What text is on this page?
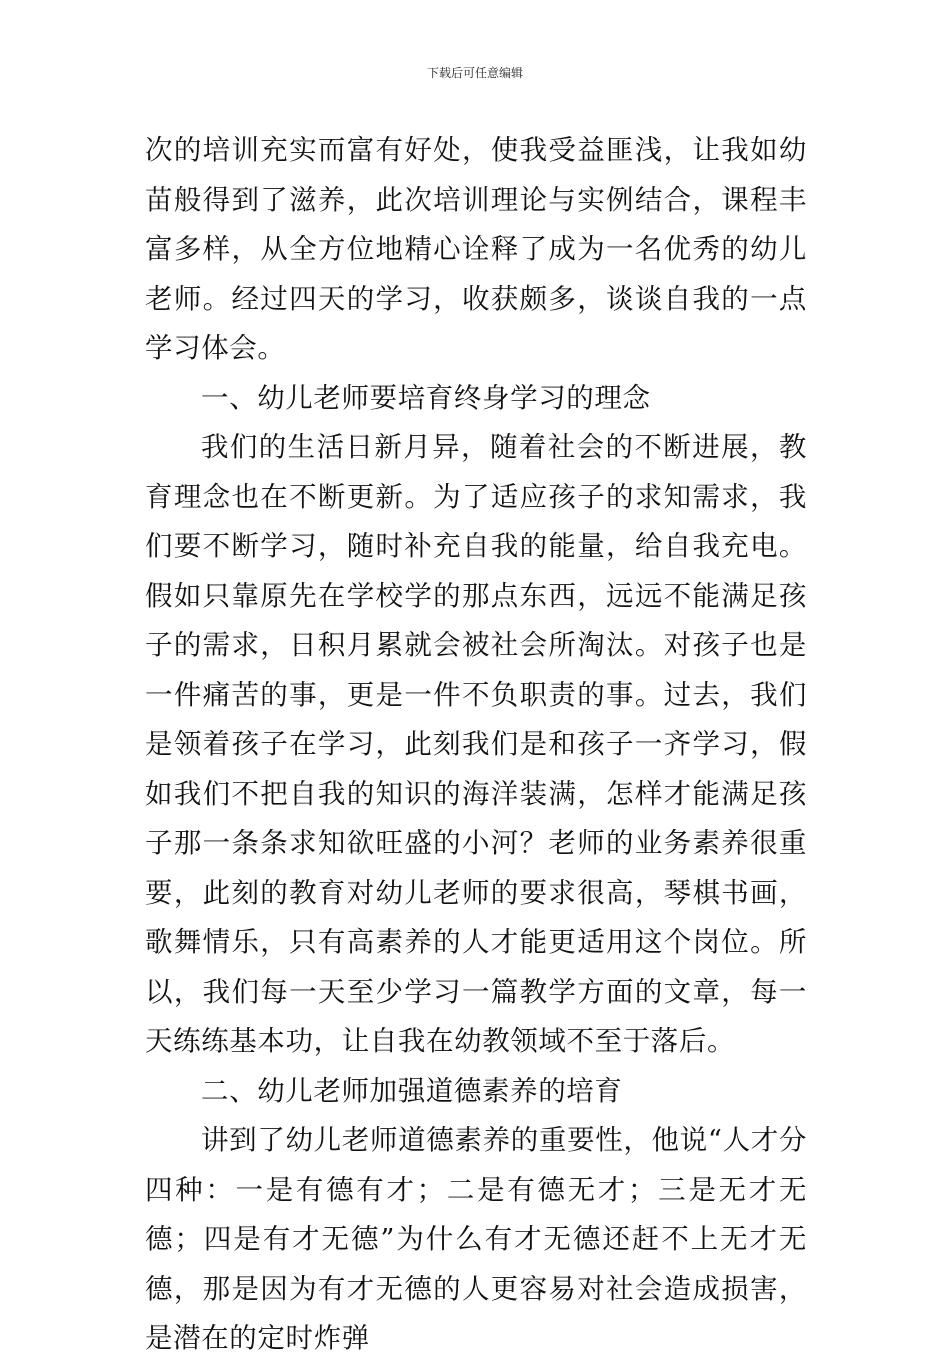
下载后可任意编辑

次的培训充实而富有好处，使我受益匪浅，让我如幼苗般得到了滋养，此次培训理论与实例结合，课程丰富多样，从全方位地精心诠释了成为一名优秀的幼儿老师。经过四天的学习，收获颇多，谈谈自我的一点学习体会。

一、幼儿老师要培育终身学习的理念

我们的生活日新月异，随着社会的不断进展，教育理念也在不断更新。为了适应孩子的求知需求，我们要不断学习，随时补充自我的能量，给自我充电。假如只靠原先在学校学的那点东西，远远不能满足孩子的需求，日积月累就会被社会所淘汰。对孩子也是一件痛苦的事，更是一件不负职责的事。过去，我们是领着孩子在学习，此刻我们是和孩子一齐学习，假如我们不把自我的知识的海洋装满，怎样才能满足孩子那一条条求知欲旺盛的小河？老师的业务素养很重要，此刻的教育对幼儿老师的要求很高，琴棋书画，歌舞情乐，只有高素养的人才能更适用这个岗位。所以，我们每一天至少学习一篇教学方面的文章，每一天练练基本功，让自我在幼教领域不至于落后。

二、幼儿老师加强道德素养的培育

讲到了幼儿老师道德素养的重要性，他说“人才分四种：一是有德有才；二是有德无才；三是无才无德；四是有才无德”为什么有才无德还赶不上无才无德，那是因为有才无德的人更容易对社会造成损害，是潜在的定时炸弹
